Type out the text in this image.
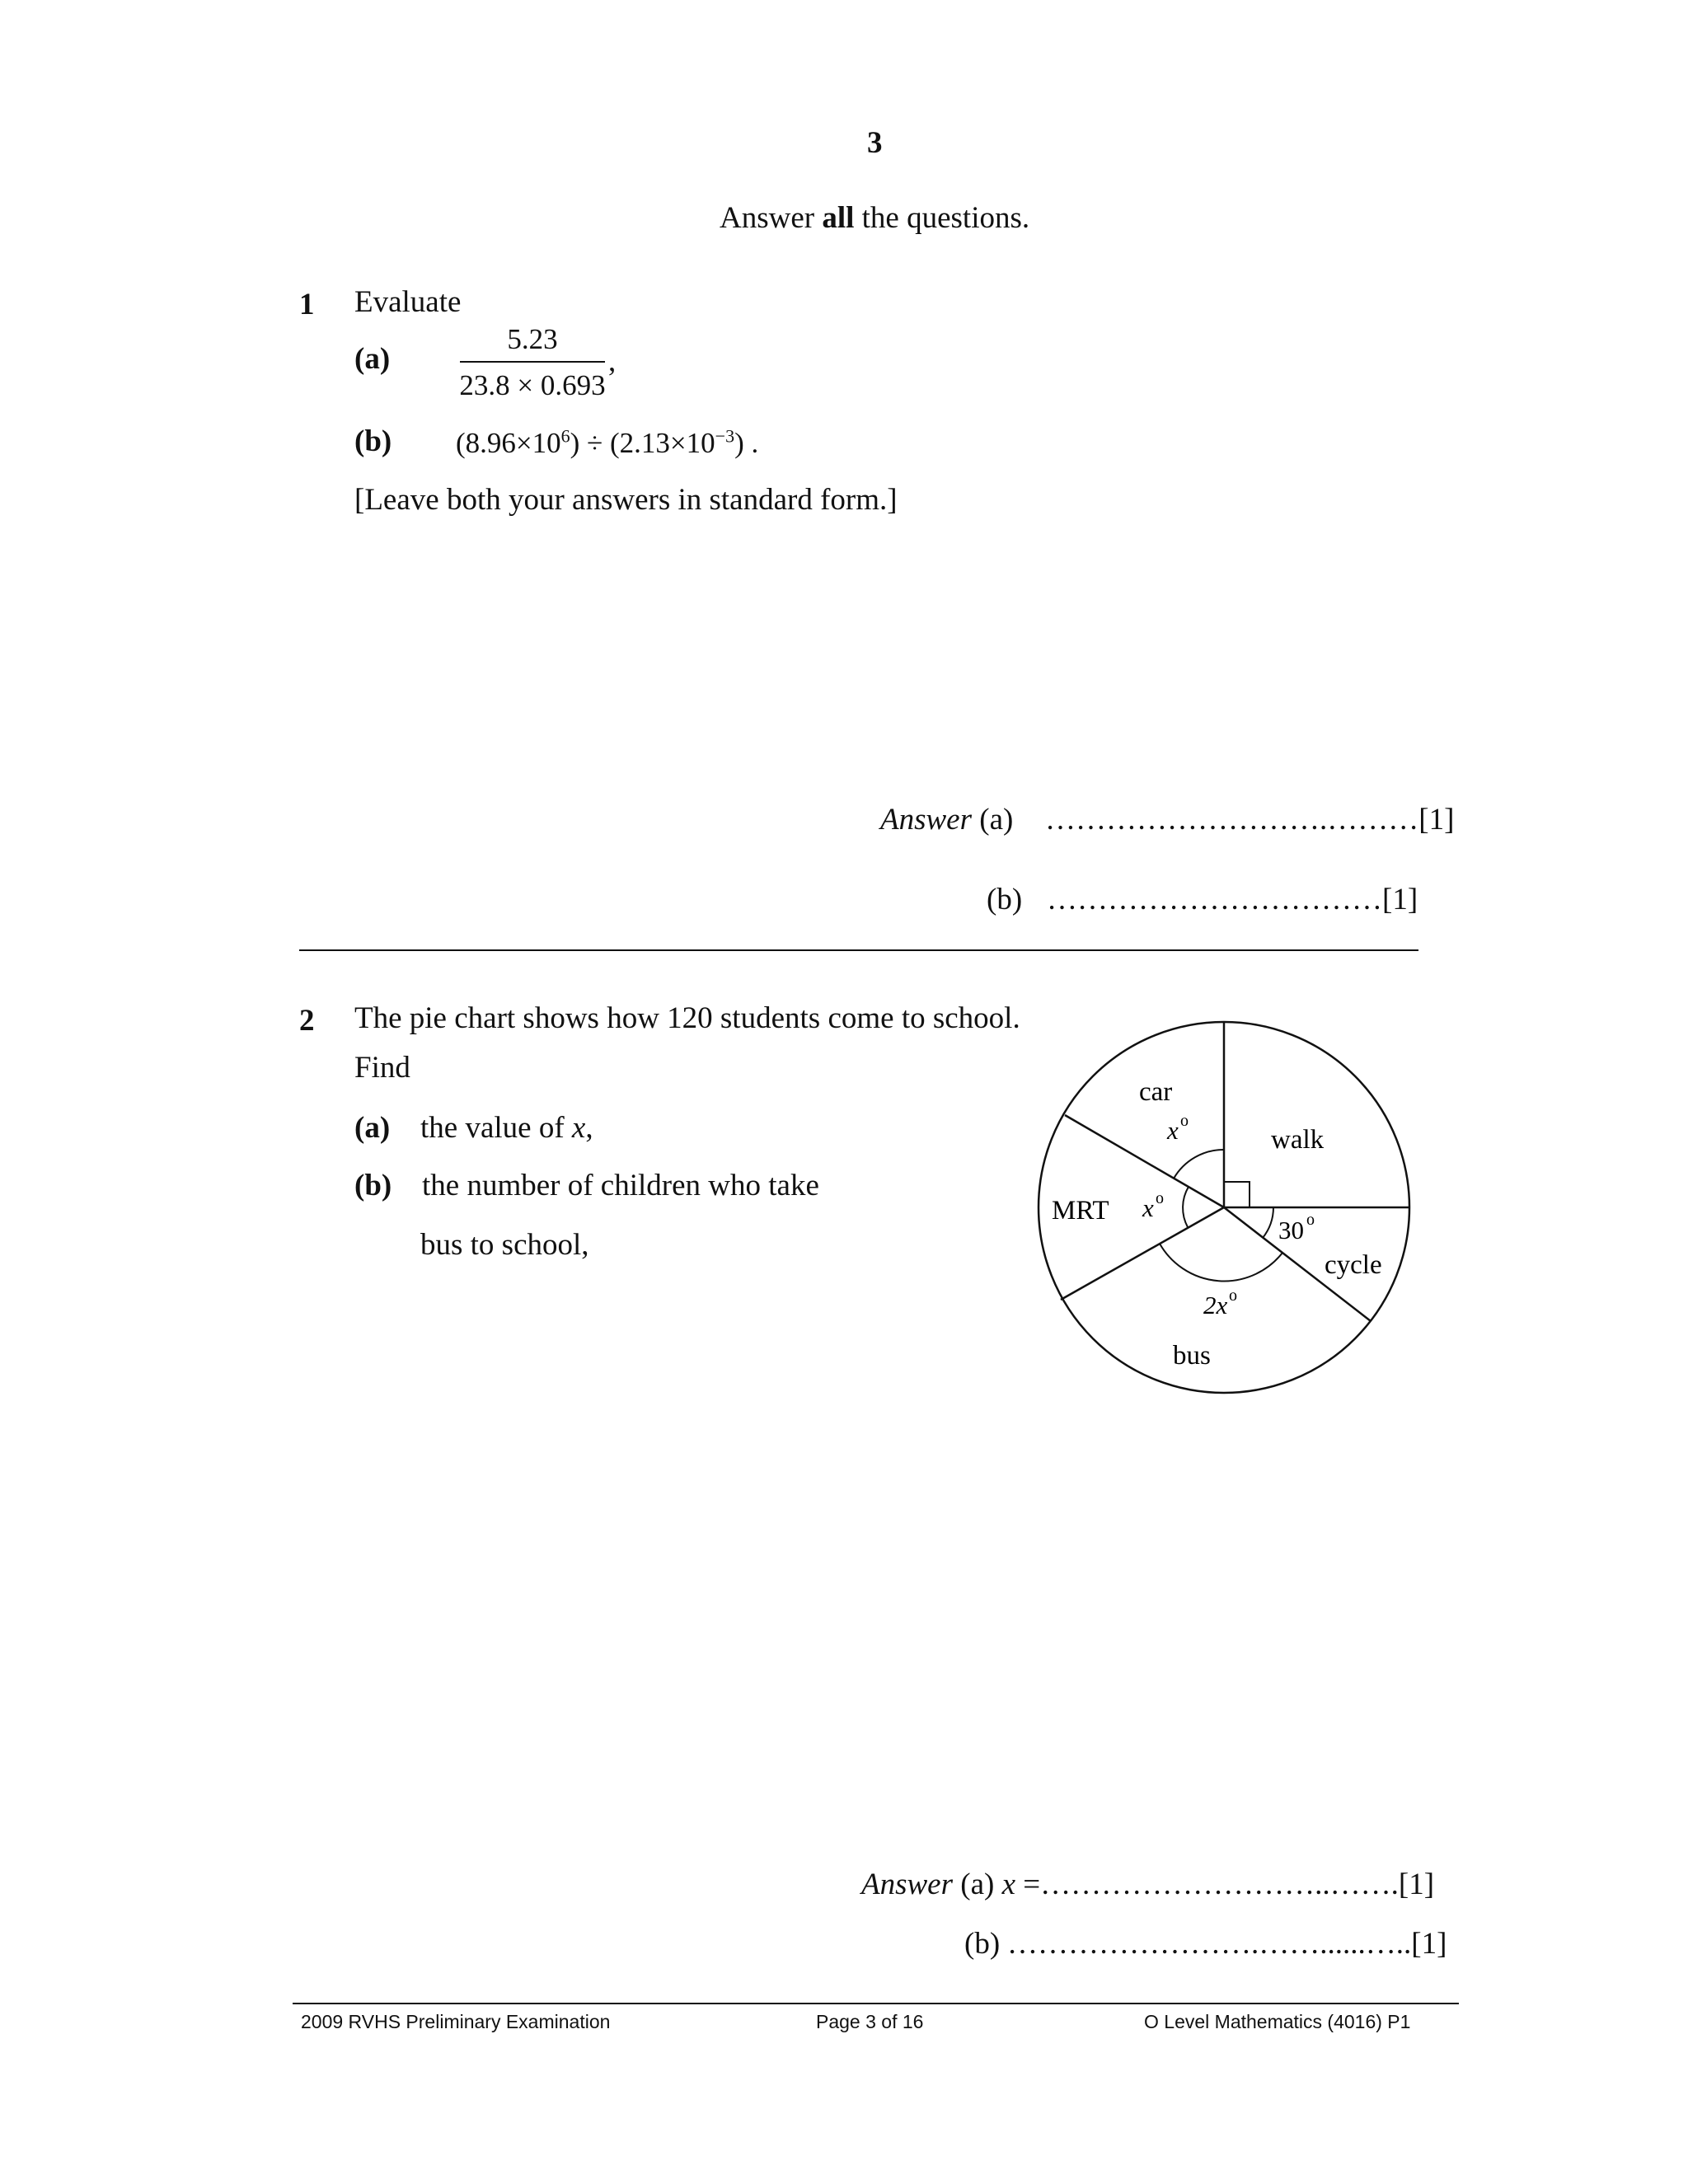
3
Answer all the questions.
1 Evaluate
$(a) \frac{5.23}{23.8 \times 0.693}$ ,
(b) $(8.96\times 10^6) \div (2.13\times 10^{-3})$ .
[Leave both your answers in standard form.]
Answer (a) ……………………….………[1]
(b) ……………………………[1]
2 The pie chart shows how 120 students come to school.
Find
(a) the value of x,
(b) the number of children who take
bus to school,
car
walk
MRT
cycle
bus
x o
x o
2x o
30 o
Answer (a) x =………………………..…….[1]
(b) …………………….……......…..[1]
2009 RVHS Preliminary Examination	Page 3 of 16	O Level Mathematics (4016) P1
